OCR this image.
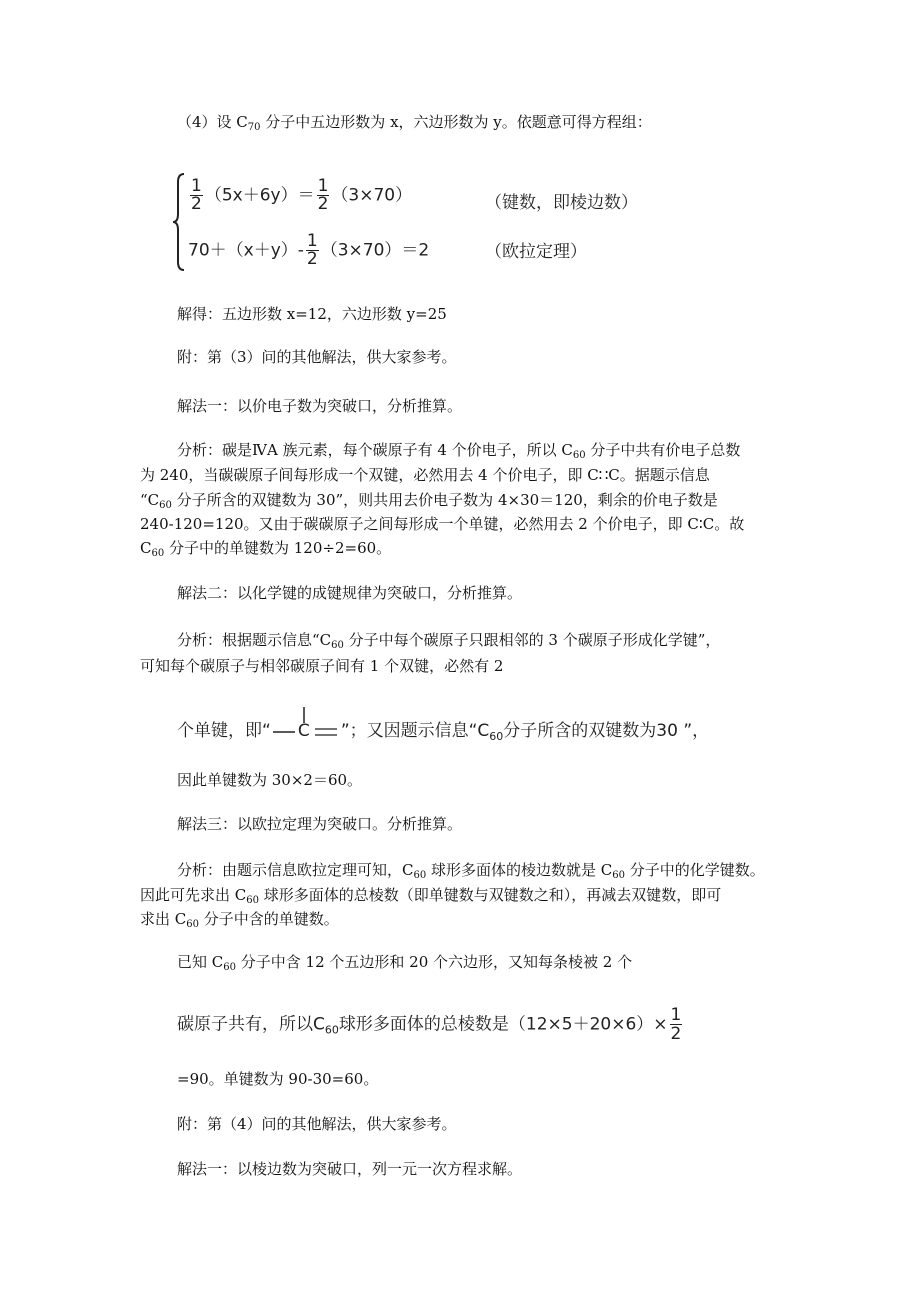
（4）设 $C_{70}$ 分子中五边形数为 x，六边形数为 y。依题意可得方程组：
$\frac{1}{2} (5x+6y)= \frac{1}{2} (3\times 70)$	（键数，即棱边数）
$70+(x+y)- \frac{1}{2} (3\times 70)=2$	（欧拉定理）
解得：五边形数 x=12，六边形数 y=25
附：第（3）问的其他解法，供大家参考。
解法一：以价电子数为突破口，分析推算。
分析：碳是ⅣA 族元素，每个碳原子有 4 个价电子，所以 $C_{60}$ 分子中共有价电子总数
为 240，当碳碳原子间每形成一个双键，必然用去 4 个价电子，即 C∷C。据题示信息
“$C_{60}$ 分子所含的双键数为 30”，则共用去价电子数为 4×30＝120，剩余的价电子数是
240-120=120。又由于碳碳原子之间每形成一个单键，必然用去 2 个价电子，即 C∶C。故
$C_{60}$ 分子中的单键数为 120÷2=60。
解法二：以化学键的成键规律为突破口，分析推算。
分析：根据题示信息“$C_{60}$ 分子中每个碳原子只跟相邻的 3 个碳原子形成化学键”，
可知每个碳原子与相邻碳原子间有 1 个双键，必然有 2
个单键，即“ C ”；又因题示信息“$C_{60}$分子所含的双键数为30 ”，
因此单键数为 30×2＝60。
解法三：以欧拉定理为突破口。分析推算。
分析：由题示信息欧拉定理可知，$C_{60}$ 球形多面体的棱边数就是 $C_{60}$ 分子中的化学键数。
因此可先求出 $C_{60}$ 球形多面体的总棱数（即单键数与双键数之和），再减去双键数，即可
求出 $C_{60}$ 分子中含的单键数。
已知 $C_{60}$ 分子中含 12 个五边形和 20 个六边形，又知每条棱被 2 个
碳原子共有，所以$C_{60}$球形多面体的总棱数是$(12\times 5+20\times 6)\times \frac{1}{2}$
=90。单键数为 90-30=60。
附：第（4）问的其他解法，供大家参考。
解法一：以棱边数为突破口，列一元一次方程求解。
